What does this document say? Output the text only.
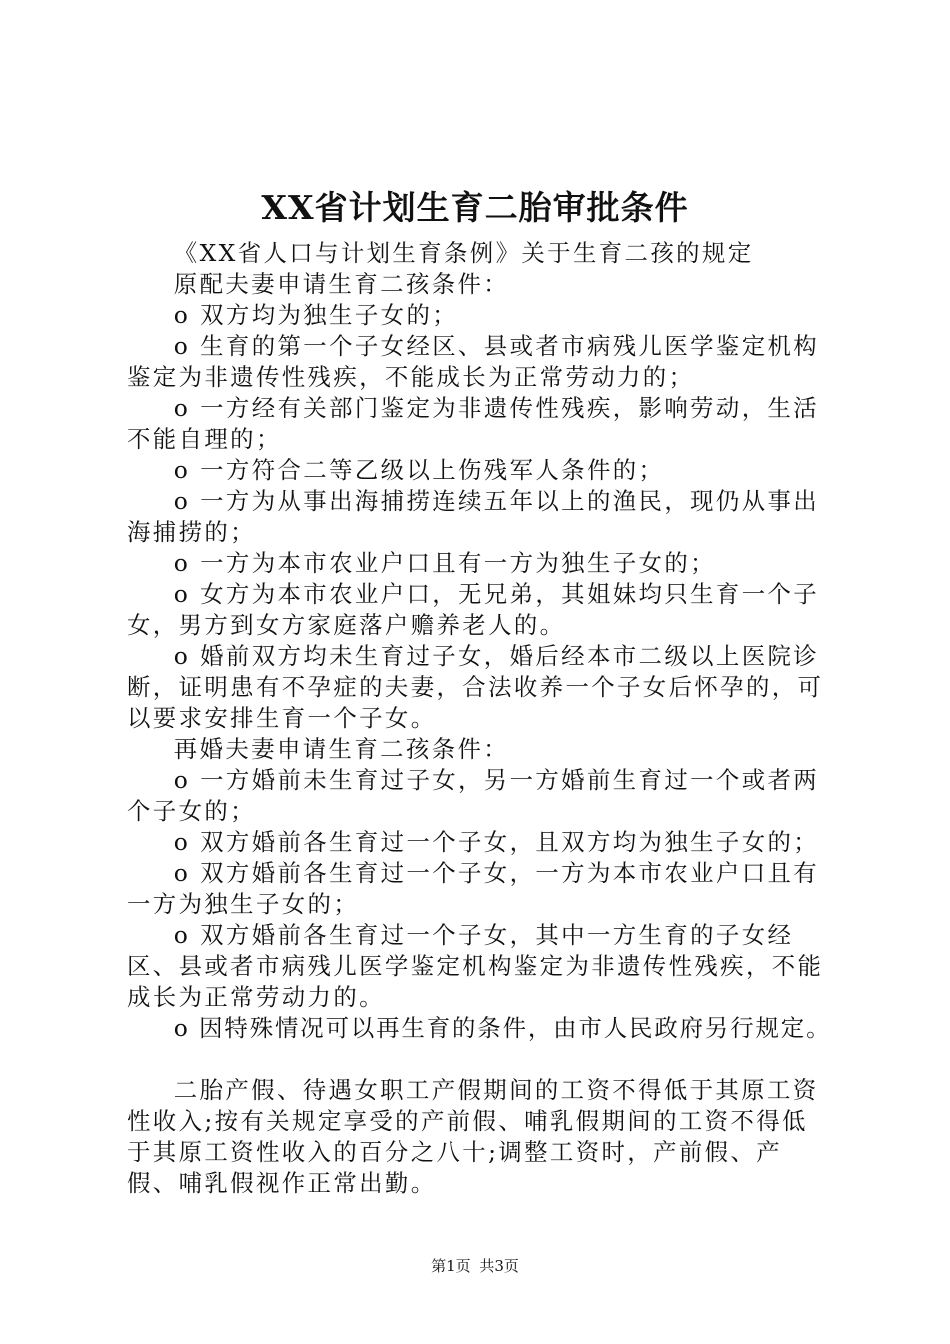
XX省计划生育二胎审批条件

《XX省人口与计划生育条例》关于生育二孩的规定

原配夫妻申请生育二孩条件：

o 双方均为独生子女的；

o 生育的第一个子女经区、县或者市病残儿医学鉴定机构鉴定为非遗传性残疾，不能成长为正常劳动力的；

o 一方经有关部门鉴定为非遗传性残疾，影响劳动，生活不能自理的；

o 一方符合二等乙级以上伤残军人条件的；

o 一方为从事出海捕捞连续五年以上的渔民，现仍从事出海捕捞的；

o 一方为本市农业户口且有一方为独生子女的；

o 女方为本市农业户口，无兄弟，其姐妹均只生育一个子女，男方到女方家庭落户赡养老人的。

o 婚前双方均未生育过子女，婚后经本市二级以上医院诊断，证明患有不孕症的夫妻，合法收养一个子女后怀孕的，可以要求安排生育一个子女。

再婚夫妻申请生育二孩条件：

o 一方婚前未生育过子女，另一方婚前生育过一个或者两个子女的；

o 双方婚前各生育过一个子女，且双方均为独生子女的；

o 双方婚前各生育过一个子女，一方为本市农业户口且有一方为独生子女的；

o 双方婚前各生育过一个子女，其中一方生育的子女经区、县或者市病残儿医学鉴定机构鉴定为非遗传性残疾，不能成长为正常劳动力的。

o 因特殊情况可以再生育的条件，由市人民政府另行规定。

二胎产假、待遇女职工产假期间的工资不得低于其原工资性收入;按有关规定享受的产前假、哺乳假期间的工资不得低于其原工资性收入的百分之八十;调整工资时，产前假、产假、哺乳假视作正常出勤。

第1页 共3页
